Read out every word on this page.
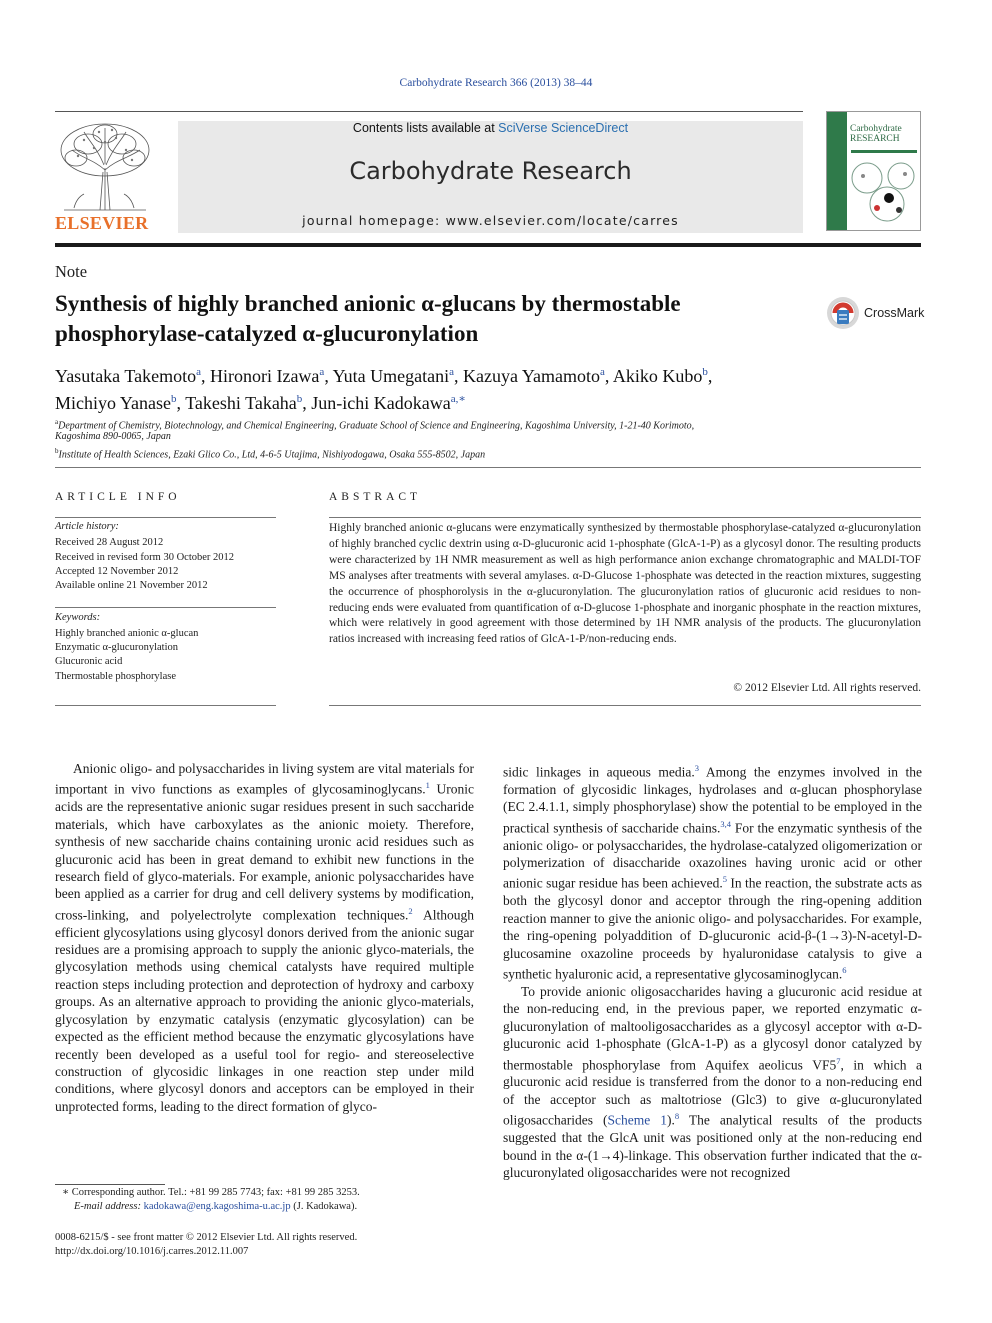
Carbohydrate Research 366 (2013) 38–44
ELSEVIER
Contents lists available at SciVerse ScienceDirect
Carbohydrate Research
journal homepage: www.elsevier.com/locate/carres
Carbohydrate
RESEARCH
Note
Synthesis of highly branched anionic α-glucans by thermostable
phosphorylase-catalyzed α-glucuronylation
CrossMark
Yasutaka Takemoto$^a$, Hironori Izawa$^a$, Yuta Umegatani$^a$, Kazuya Yamamoto$^a$, Akiko Kubo$^b$,
Michiyo Yanase$^b$, Takeshi Takaha$^b$, Jun-ichi Kadokawa$^{a,∗}$
$^a$Department of Chemistry, Biotechnology, and Chemical Engineering, Graduate School of Science and Engineering, Kagoshima University, 1-21-40 Korimoto,
Kagoshima 890-0065, Japan
$^b$Institute of Health Sciences, Ezaki Glico Co., Ltd, 4-6-5 Utajima, Nishiyodogawa, Osaka 555-8502, Japan
ARTICLE INFO
Article history:
Received 28 August 2012
Received in revised form 30 October 2012
Accepted 12 November 2012
Available online 21 November 2012
Keywords:
Highly branched anionic α-glucan
Enzymatic α-glucuronylation
Glucuronic acid
Thermostable phosphorylase
ABSTRACT
Highly branched anionic α-glucans were enzymatically synthesized by thermostable phosphorylase-catalyzed α-glucuronylation of highly branched cyclic dextrin using α-D-glucuronic acid 1-phosphate (GlcA-1-P) as a glycosyl donor. The resulting products were characterized by 1H NMR measurement as well as high performance anion exchange chromatographic and MALDI-TOF MS analyses after treatments with several amylases. α-D-Glucose 1-phosphate was detected in the reaction mixtures, suggesting the occurrence of phosphorolysis in the α-glucuronylation. The glucuronylation ratios of glucuronic acid residues to non-reducing ends were evaluated from quantification of α-D-glucose 1-phosphate and inorganic phosphate in the reaction mixtures, which were relatively in good agreement with those determined by 1H NMR analysis of the products. The glucuronylation ratios increased with increasing feed ratios of GlcA-1-P/non-reducing ends.
© 2012 Elsevier Ltd. All rights reserved.

Anionic oligo- and polysaccharides in living system are vital materials for important in vivo functions as examples of glycosaminoglycans.$^1$ Uronic acids are the representative anionic sugar residues present in such saccharide materials, which have carboxylates as the anionic moiety. Therefore, synthesis of new saccharide chains containing uronic acid residues such as glucuronic acid has been in great demand to exhibit new functions in the research field of glyco-materials. For example, anionic polysaccharides have been applied as a carrier for drug and cell delivery systems by modification, cross-linking, and polyelectrolyte complexation techniques.$^2$ Although efficient glycosylations using glycosyl donors derived from the anionic sugar residues are a promising approach to supply the anionic glyco-materials, the glycosylation methods using chemical catalysts have required multiple reaction steps including protection and deprotection of hydroxy and carboxy groups. As an alternative approach to providing the anionic glyco-materials, glycosylation by enzymatic catalysis (enzymatic glycosylation) can be expected as the efficient method because the enzymatic glycosylations have recently been developed as a useful tool for regio- and stereoselective construction of glycosidic linkages in one reaction step under mild conditions, where glycosyl donors and acceptors can be employed in their unprotected forms, leading to the direct formation of glyco-

sidic linkages in aqueous media.$^3$ Among the enzymes involved in the formation of glycosidic linkages, hydrolases and α-glucan phosphorylase (EC 2.4.1.1, simply phosphorylase) show the potential to be employed in the practical synthesis of saccharide chains.$^{3,4}$ For the enzymatic synthesis of the anionic oligo- or polysaccharides, the hydrolase-catalyzed oligomerization or polymerization of disaccharide oxazolines having uronic acid or other anionic sugar residue has been achieved.$^5$ In the reaction, the substrate acts as both the glycosyl donor and acceptor through the ring-opening addition reaction manner to give the anionic oligo- and polysaccharides. For example, the ring-opening polyaddition of D-glucuronic acid-β-(1→3)-N-acetyl-D-glucosamine oxazoline proceeds by hyaluronidase catalysis to give a synthetic hyaluronic acid, a representative glycosaminoglycan.$^6$

To provide anionic oligosaccharides having a glucuronic acid residue at the non-reducing end, in the previous paper, we reported enzymatic α-glucuronylation of maltooligosaccharides as a glycosyl acceptor with α-D-glucuronic acid 1-phosphate (GlcA-1-P) as a glycosyl donor catalyzed by thermostable phosphorylase from Aquifex aeolicus $VF5^7$, in which a glucuronic acid residue is transferred from the donor to a non-reducing end of the acceptor such as maltotriose (Glc3) to give α-glucuronylated oligosaccharides (Scheme 1).$^8$ The analytical results of the products suggested that the GlcA unit was positioned only at the non-reducing end bound in the α-(1→4)-linkage. This observation further indicated that the α-glucuronylated oligosaccharides were not recognized

∗ Corresponding author. Tel.: +81 99 285 7743; fax: +81 99 285 3253.
E-mail address: kadokawa@eng.kagoshima-u.ac.jp (J. Kadokawa).
0008-6215/$ - see front matter © 2012 Elsevier Ltd. All rights reserved.
http://dx.doi.org/10.1016/j.carres.2012.11.007
